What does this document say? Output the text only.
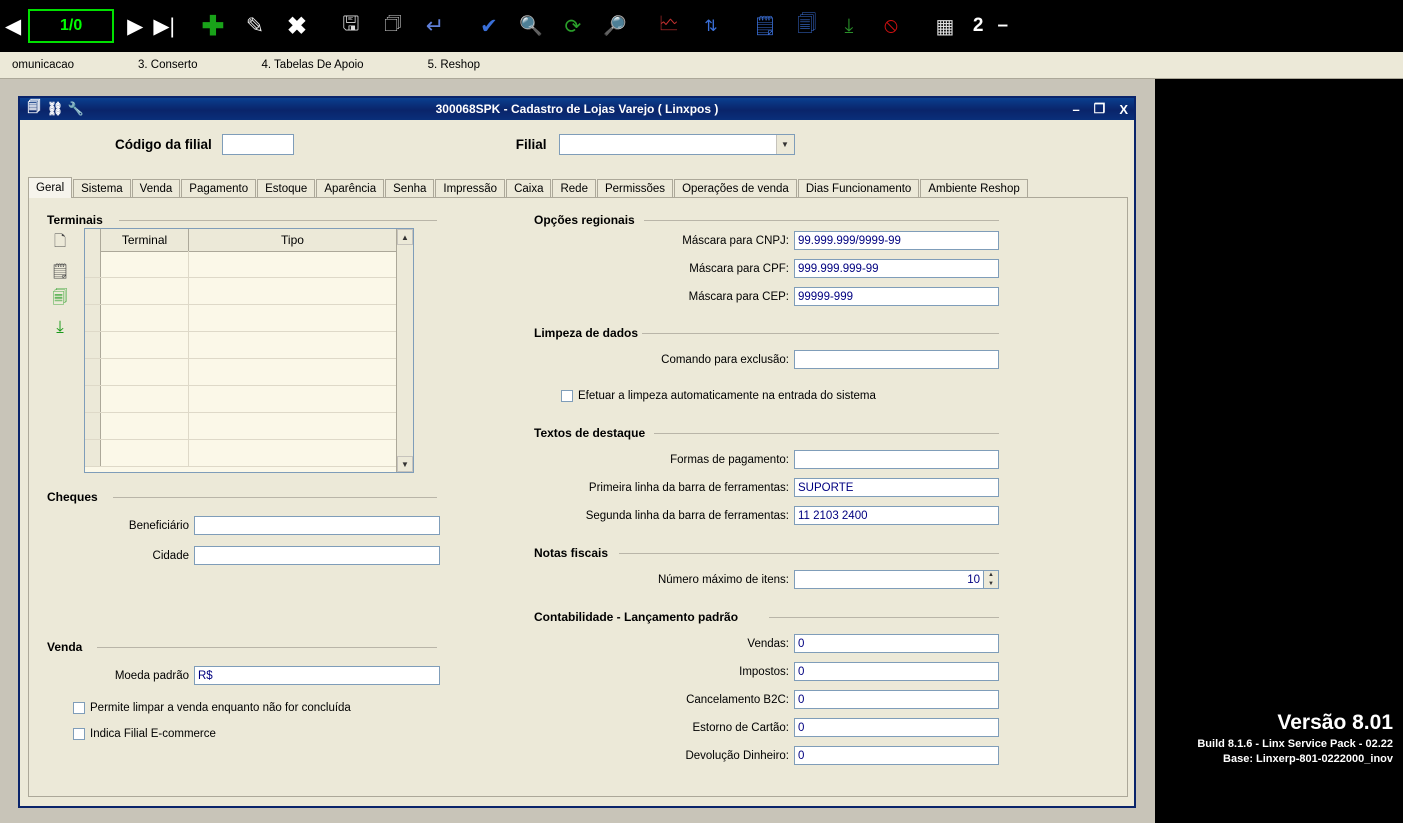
◀	1/0	▶ ▶| ✚ ✎ ✖	🖫	🗇 ↵ ✔	🔍	⟳	🔎 🗠	⇅	🗒 🗐	⤓	⦸	▦ 2 –
omunicacao	3. Conserto	4. Tabelas De Apoio	5. Reshop
Versão 8.01
Build 8.1.6 - Linx Service Pack - 02.22
Base: Linxerp-801-0222000_inov
🗐 ⛓ 🔧	300068SPK - Cadastro de Lojas Varejo ( Linxpos )	– ❐ X
Código da filial	Filial	▼
Geral	Sistema	Venda	Pagamento	Estoque	Aparência	Senha	Impressão	Caixa	Rede	Permissões	Operações de venda	Dias Funcionamento	Ambiente Reshop
Terminais
🗋
🗒
🗐
⤓
Terminal	Tipo	▲
▼
Cheques
Beneficiário
Cidade
Venda
Moeda padrão
R$
Permite limpar a venda enquanto não for concluída
Indica Filial E-commerce
Opções regionais
Máscara para CNPJ:
99.999.999/9999-99
Máscara para CPF:
999.999.999-99
Máscara para CEP:
99999-999
Limpeza de dados
Comando para exclusão:
Efetuar a limpeza automaticamente na entrada do sistema
Textos de destaque
Formas de pagamento:
Primeira linha da barra de ferramentas:
SUPORTE
Segunda linha da barra de ferramentas:
11 2103 2400
Notas fiscais
Número máximo de itens:
10	▲
▼
Contabilidade - Lançamento padrão
Vendas:
0
Impostos:
0
Cancelamento B2C:
0
Estorno de Cartão:
0
Devolução Dinheiro:
0
